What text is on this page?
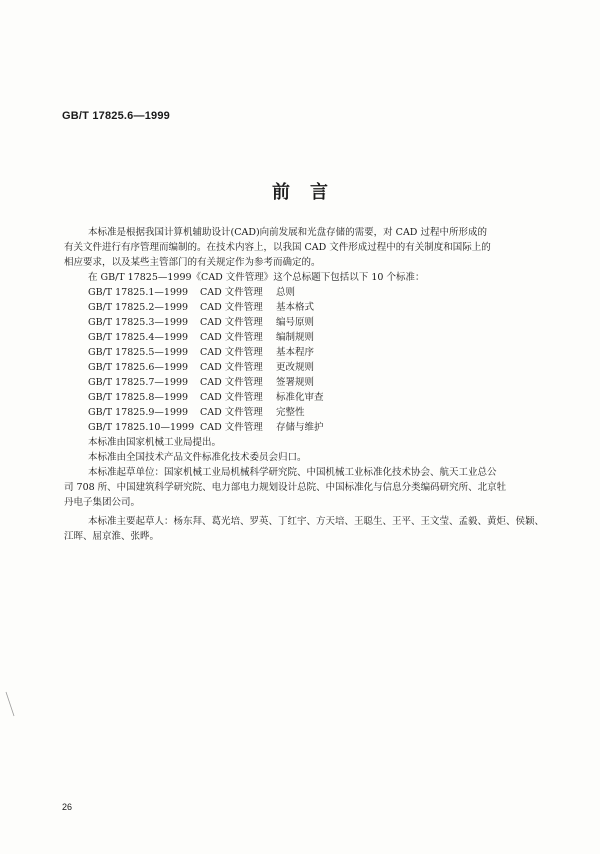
GB/T 17825.6—1999
前言

本标准是根据我国计算机辅助设计(CAD)向前发展和光盘存储的需要，对 CAD 过程中所形成的

有关文件进行有序管理而编制的。在技术内容上，以我国 CAD 文件形成过程中的有关制度和国际上的

相应要求，以及某些主管部门的有关规定作为参考而确定的。

在 GB/T 17825—1999《CAD 文件管理》这个总标题下包括以下 10 个标准：

GB/T 17825.1—1999	CAD 文件管理	总则
GB/T 17825.2—1999	CAD 文件管理	基本格式
GB/T 17825.3—1999	CAD 文件管理	编号原则
GB/T 17825.4—1999	CAD 文件管理	编制规则
GB/T 17825.5—1999	CAD 文件管理	基本程序
GB/T 17825.6—1999	CAD 文件管理	更改规则
GB/T 17825.7—1999	CAD 文件管理	签署规则
GB/T 17825.8—1999	CAD 文件管理	标准化审查
GB/T 17825.9—1999	CAD 文件管理	完整性
GB/T 17825.10—1999 CAD 文件管理	存储与维护

本标准由国家机械工业局提出。

本标准由全国技术产品文件标准化技术委员会归口。

本标准起草单位：国家机械工业局机械科学研究院、中国机械工业标准化技术协会、航天工业总公

司 708 所、中国建筑科学研究院、电力部电力规划设计总院、中国标准化与信息分类编码研究所、北京牡

丹电子集团公司。

本标准主要起草人：杨东拜、葛光培、罗英、丁红宇、方天培、王聪生、王平、王文莹、孟毅、黄炬、侯颖、

江晖、屈京淮、张晔。

26
